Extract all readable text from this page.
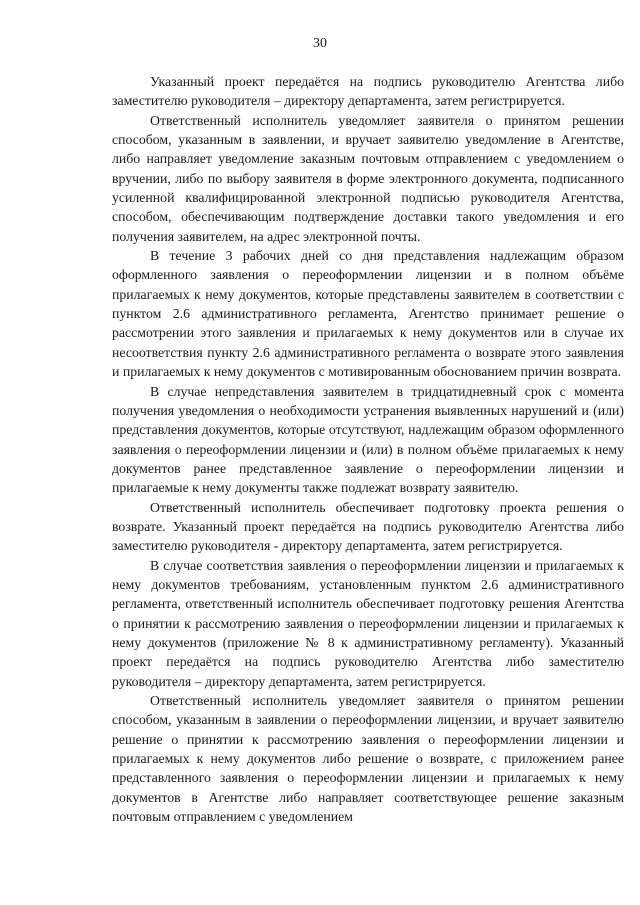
30

Указанный проект передаётся на подпись руководителю Агентства либо заместителю руководителя – директору департамента, затем регистрируется.

Ответственный исполнитель уведомляет заявителя о принятом решении способом, указанным в заявлении, и вручает заявителю уведомление в Агентстве, либо направляет уведомление заказным почтовым отправлением с уведомлением о вручении, либо по выбору заявителя в форме электронного документа, подписанного усиленной квалифицированной электронной подписью руководителя Агентства, способом, обеспечивающим подтверждение доставки такого уведомления и его получения заявителем, на адрес электронной почты.

В течение 3 рабочих дней со дня представления надлежащим образом оформленного заявления о переоформлении лицензии и в полном объёме прилагаемых к нему документов, которые представлены заявителем в соответствии с пунктом 2.6 административного регламента, Агентство принимает решение о рассмотрении этого заявления и прилагаемых к нему документов или в случае их несоответствия пункту 2.6 административного регламента о возврате этого заявления и прилагаемых к нему документов с мотивированным обоснованием причин возврата.

В случае непредставления заявителем в тридцатидневный срок с момента получения уведомления о необходимости устранения выявленных нарушений и (или) представления документов, которые отсутствуют, надлежащим образом оформленного заявления о переоформлении лицензии и (или) в полном объёме прилагаемых к нему документов ранее представленное заявление о переоформлении лицензии и прилагаемые к нему документы также подлежат возврату заявителю.

Ответственный исполнитель обеспечивает подготовку проекта решения о возврате. Указанный проект передаётся на подпись руководителю Агентства либо заместителю руководителя - директору департамента, затем регистрируется.

В случае соответствия заявления о переоформлении лицензии и прилагаемых к нему документов требованиям, установленным пунктом 2.6 административного регламента, ответственный исполнитель обеспечивает подготовку решения Агентства о принятии к рассмотрению заявления о переоформлении лицензии и прилагаемых к нему документов (приложение № 8 к административному регламенту). Указанный проект передаётся на подпись руководителю Агентства либо заместителю руководителя – директору департамента, затем регистрируется.

Ответственный исполнитель уведомляет заявителя о принятом решении способом, указанным в заявлении о переоформлении лицензии, и вручает заявителю решение о принятии к рассмотрению заявления о переоформлении лицензии и прилагаемых к нему документов либо решение о возврате, с приложением ранее представленного заявления о переоформлении лицензии и прилагаемых к нему документов в Агентстве либо направляет соответствующее решение заказным почтовым отправлением с уведомлением
